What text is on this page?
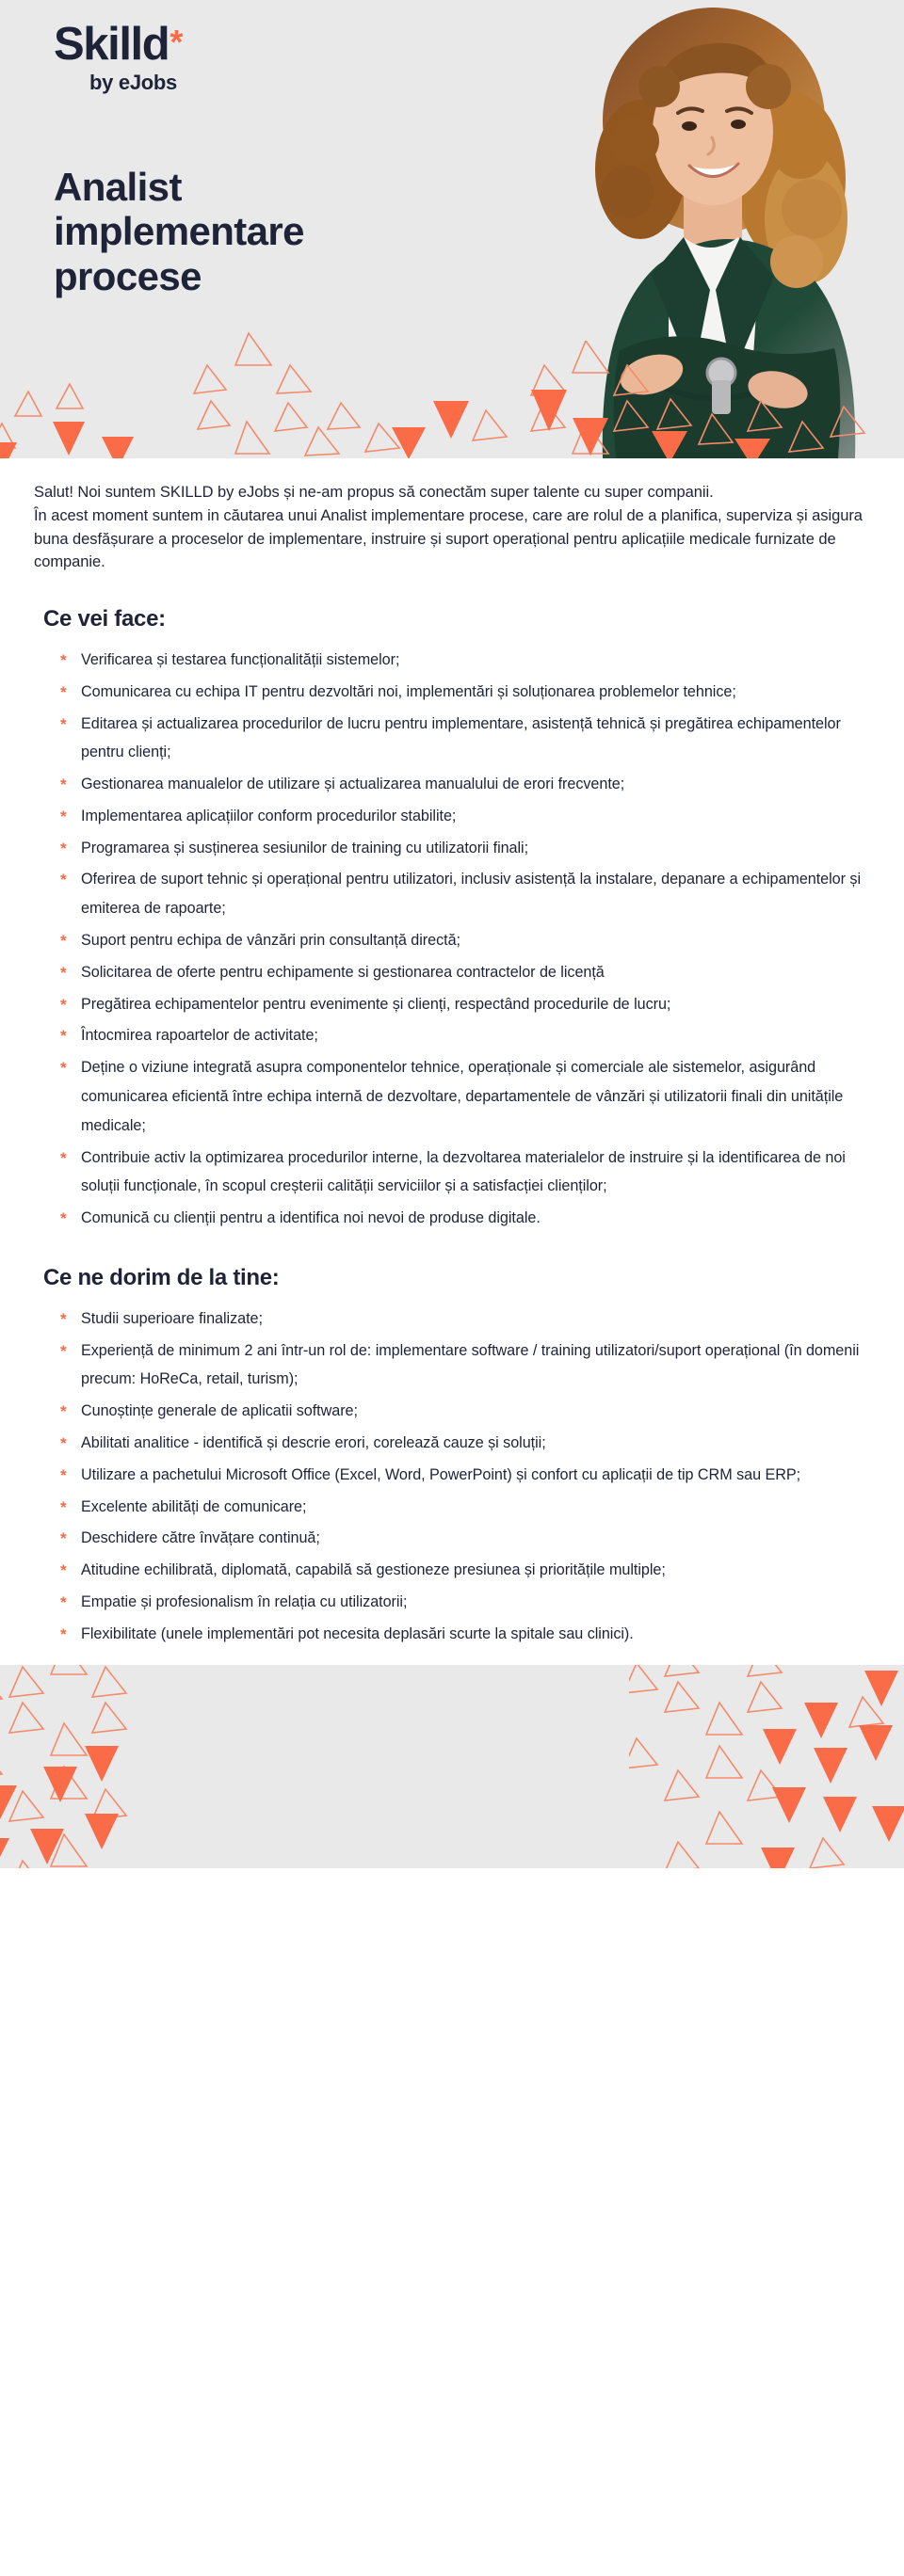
Skilld*
by eJobs
Analist implementare procese

Salut! Noi suntem SKILLD by eJobs și ne-am propus să conectăm super talente cu super companii.

În acest moment suntem in căutarea unui Analist implementare procese, care are rolul de a planifica, superviza și asigura buna desfășurare a proceselor de implementare, instruire și suport operațional pentru aplicațiile medicale furnizate de companie.

Ce vei face:
* Verificarea și testarea funcționalității sistemelor;
* Comunicarea cu echipa IT pentru dezvoltări noi, implementări și soluționarea problemelor tehnice;
* Editarea și actualizarea procedurilor de lucru pentru implementare, asistență tehnică și pregătirea echipamentelor pentru clienți;
* Gestionarea manualelor de utilizare și actualizarea manualului de erori frecvente;
* Implementarea aplicațiilor conform procedurilor stabilite;
* Programarea și susținerea sesiunilor de training cu utilizatorii finali;
* Oferirea de suport tehnic și operațional pentru utilizatori, inclusiv asistență la instalare, depanare a echipamentelor și emiterea de rapoarte;
* Suport pentru echipa de vânzări prin consultanță directă;
* Solicitarea de oferte pentru echipamente si gestionarea contractelor de licență
* Pregătirea echipamentelor pentru evenimente și clienți, respectând procedurile de lucru;
* Întocmirea rapoartelor de activitate;
* Deține o viziune integrată asupra componentelor tehnice, operaționale și comerciale ale sistemelor, asigurând comunicarea eficientă între echipa internă de dezvoltare, departamentele de vânzări și utilizatorii finali din unitățile medicale;
* Contribuie activ la optimizarea procedurilor interne, la dezvoltarea materialelor de instruire și la identificarea de noi soluții funcționale, în scopul creșterii calității serviciilor și a satisfacției clienților;
* Comunică cu clienții pentru a identifica noi nevoi de produse digitale.
Ce ne dorim de la tine:
* Studii superioare finalizate;
* Experiență de minimum 2 ani într-un rol de: implementare software / training utilizatori/suport operațional (în domenii precum: HoReCa, retail, turism);
* Cunoștințe generale de aplicatii software;
* Abilitati analitice - identifică și descrie erori, corelează cauze și soluții;
* Utilizare a pachetului Microsoft Office (Excel, Word, PowerPoint) și confort cu aplicații de tip CRM sau ERP;
* Excelente abilități de comunicare;
* Deschidere către învățare continuă;
* Atitudine echilibrată, diplomată, capabilă să gestioneze presiunea și prioritățile multiple;
* Empatie și profesionalism în relația cu utilizatorii;
* Flexibilitate (unele implementări pot necesita deplasări scurte la spitale sau clinici).
